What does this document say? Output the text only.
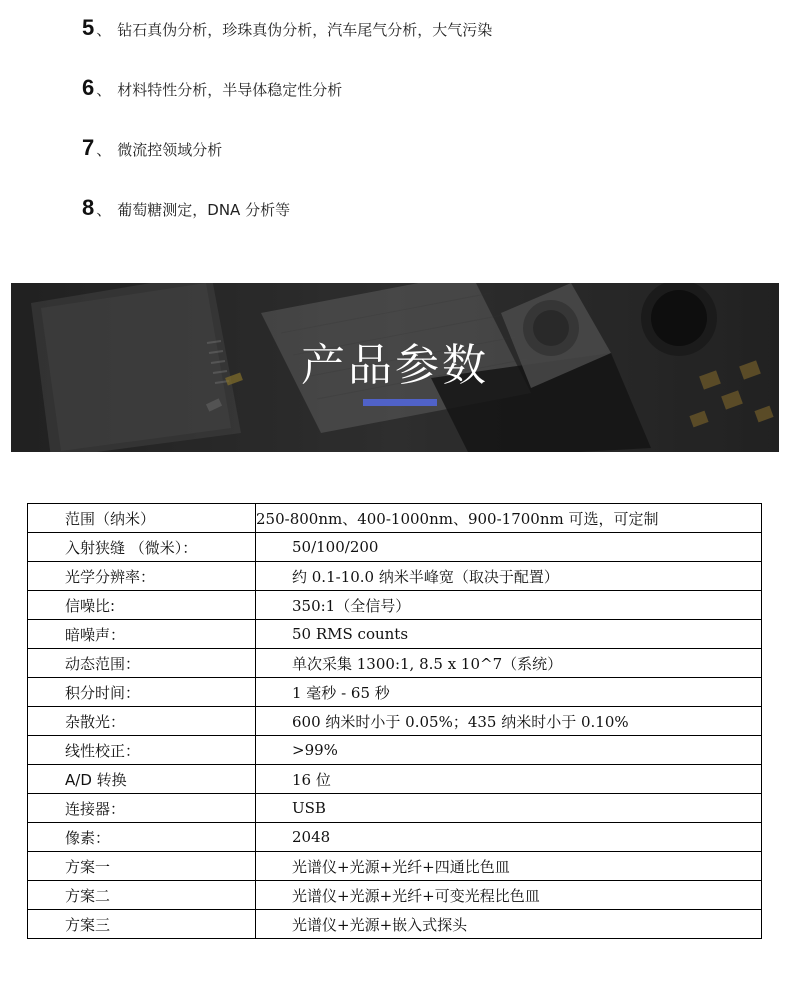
5 、 钻石真伪分析，珍珠真伪分析，汽车尾气分析，大气污染
6 、 材料特性分析，半导体稳定性分析
7 、 微流控领域分析
8 、 葡萄糖测定，DNA 分析等
产品参数
范围（纳米）	250-800nm、400-1000nm、900-1700nm 可选，可定制
入射狭缝 （微米）：	50/100/200
光学分辨率：	约 0.1-10.0 纳米半峰宽（取决于配置）
信噪比:	350:1（全信号）
暗噪声：	50 RMS counts
动态范围：	单次采集 1300:1, 8.5 x 10^7（系统）
积分时间：	1 毫秒 - 65 秒
杂散光：	600 纳米时小于 0.05%；435 纳米时小于 0.10%
线性校正：	>99%
A/D 转换	16 位
连接器：	USB
像素：	2048
方案一	光谱仪+光源+光纤+四通比色皿
方案二	光谱仪+光源+光纤+可变光程比色皿
方案三	光谱仪+光源+嵌入式探头
